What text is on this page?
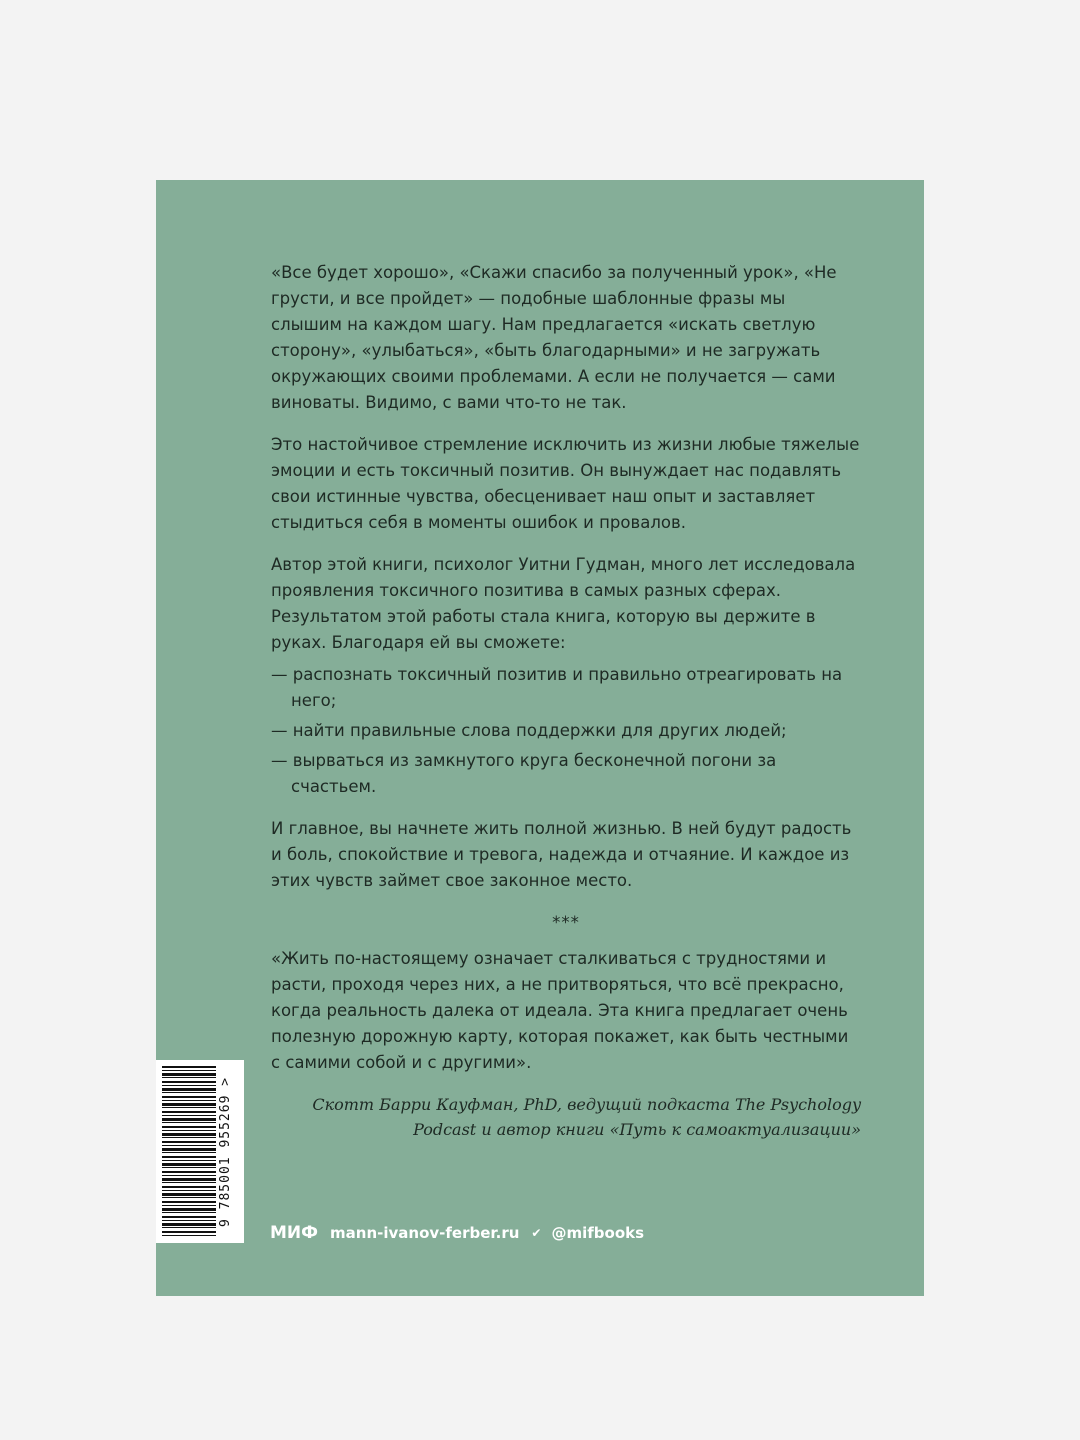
«Все будет хорошо», «Скажи спасибо за полученный урок», «Не грусти, и все пройдет» — подобные шаблонные фразы мы слышим на каждом шагу. Нам предлагается «искать светлую сторону», «улыбаться», «быть благодарными» и не загружать окружающих своими проблемами. А если не получается — сами виноваты. Видимо, с вами что-то не так.

Это настойчивое стремление исключить из жизни любые тяжелые эмоции и есть токсичный позитив. Он вынуждает нас подавлять свои истинные чувства, обесценивает наш опыт и заставляет стыдиться себя в моменты ошибок и провалов.

Автор этой книги, психолог Уитни Гудман, много лет исследовала проявления токсичного позитива в самых разных сферах. Результатом этой работы стала книга, которую вы держите в руках. Благодаря ей вы сможете:

— распознать токсичный позитив и правильно отреагировать на него;
— найти правильные слова поддержки для других людей;
— вырваться из замкнутого круга бесконечной погони за счастьем.

И главное, вы начнете жить полной жизнью. В ней будут радость и боль, спокойствие и тревога, надежда и отчаяние. И каждое из этих чувств займет свое законное место.

***

«Жить по-настоящему означает сталкиваться с трудностями и расти, проходя через них, а не притворяться, что всё прекрасно, когда реальность далека от идеала. Эта книга предлагает очень полезную дорожную карту, которая покажет, как быть честными с самими собой и с другими».

Скотт Барри Кауфман, PhD, ведущий подкаста The Psychology
Podcast и автор книги «Путь к самоактуализации»

9 785001 955269 >
МИФ mann-ivanov-ferber.ru ✔ @mifbooks
